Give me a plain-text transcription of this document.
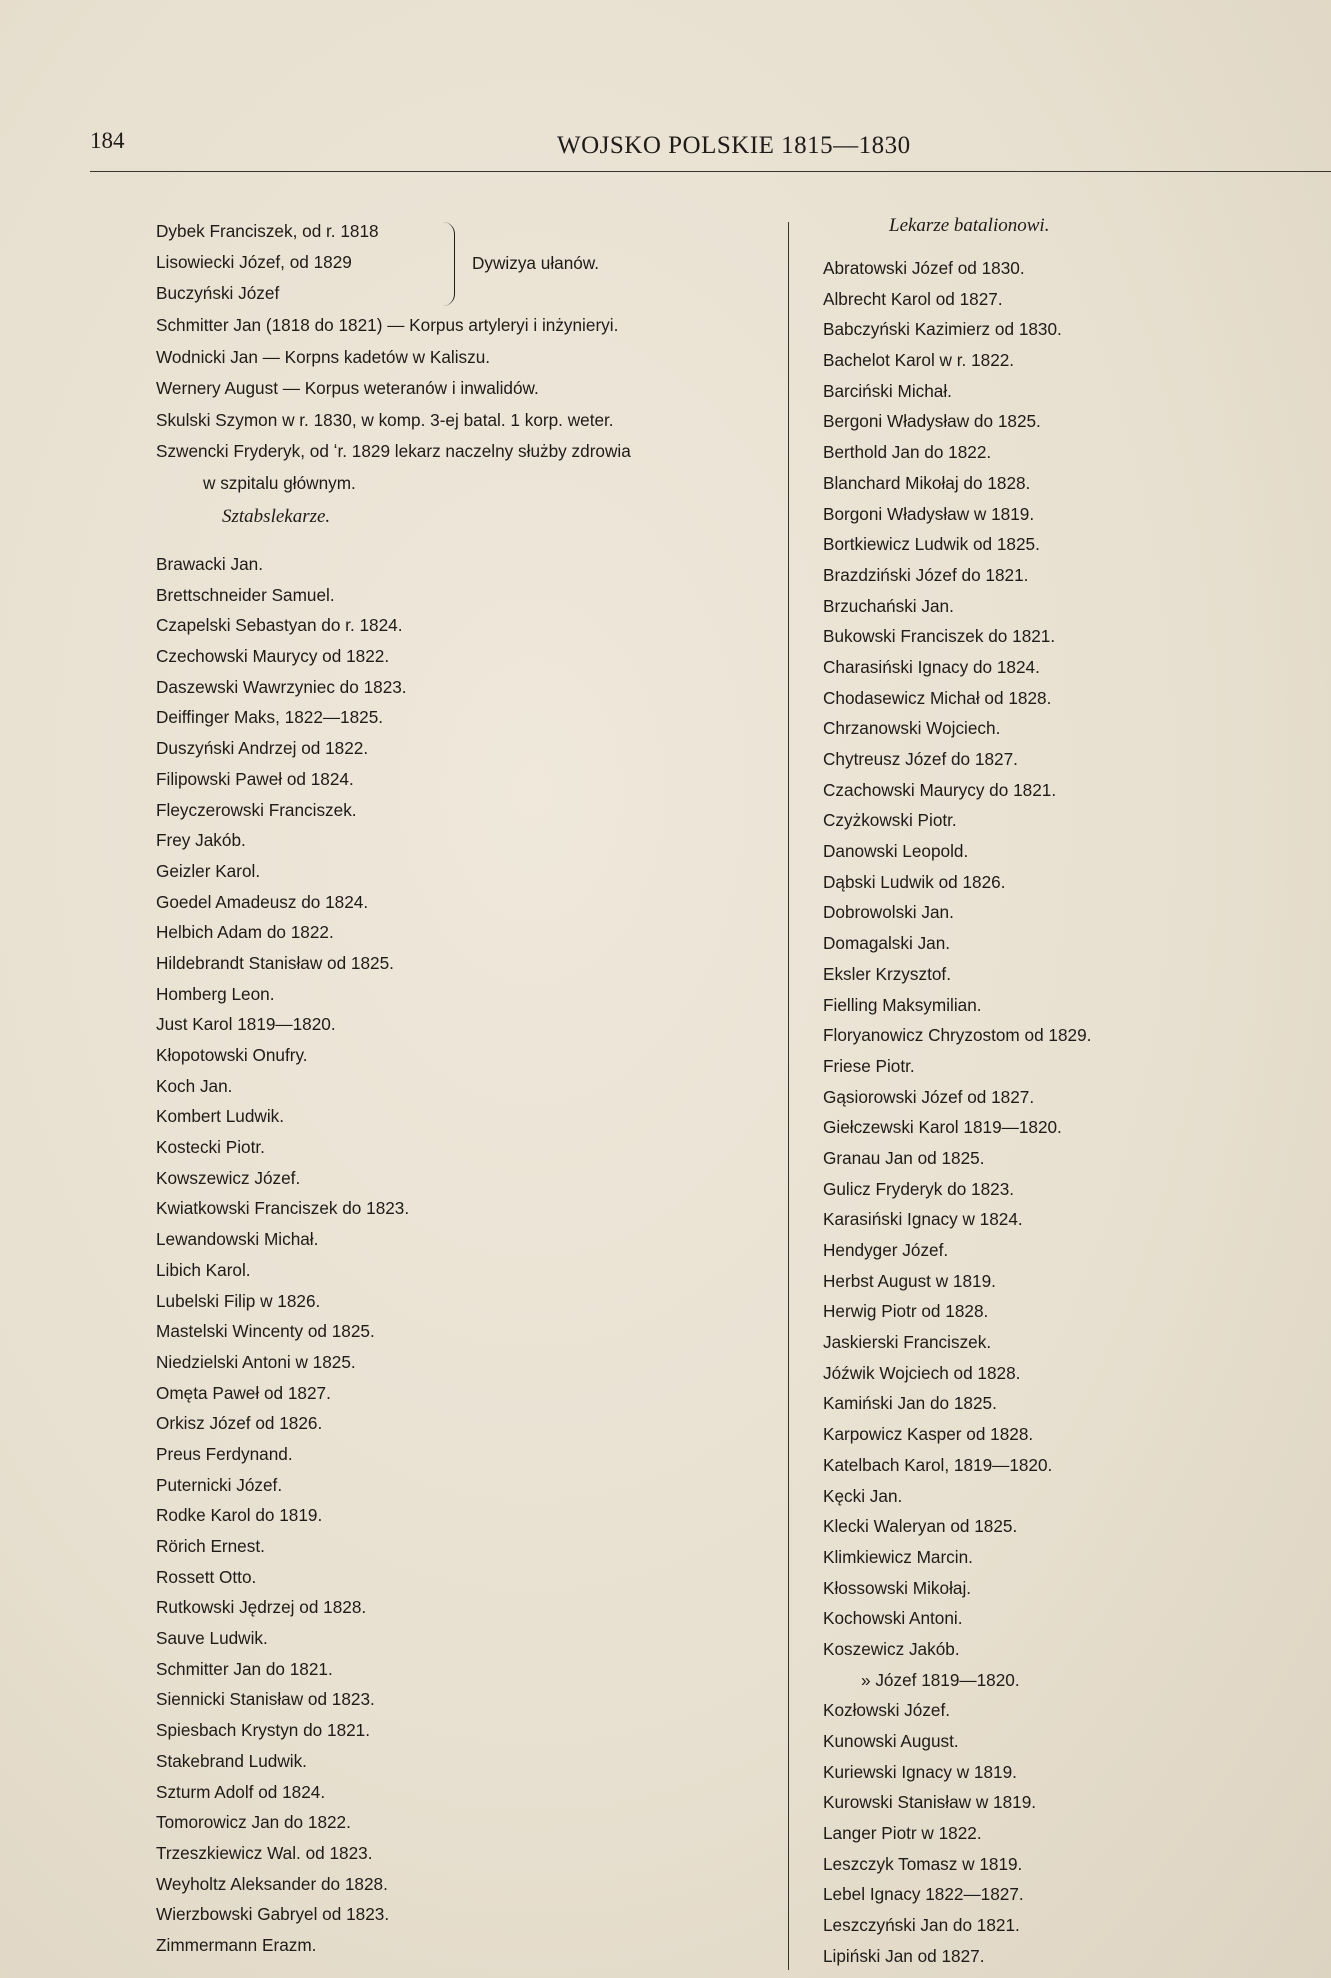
184	WOJSKO POLSKIE 1815—1830
Dybek Franciszek, od r. 1818
Lisowiecki Józef, od 1829
Buczyński Józef
Dywizya ułanów.
Schmitter Jan (1818 do 1821) — Korpus artyleryi i inżynieryi.
Wodnicki Jan — Korpns kadetów w Kaliszu.
Wernery August — Korpus weteranów i inwalidów.
Skulski Szymon w r. 1830, w komp. 3-ej batal. 1 korp. weter.
Szwencki Fryderyk, od ʻr. 1829 lekarz naczelny służby zdrowia
w szpitalu głównym.
Sztabslekarze.
Brawacki Jan.
Brettschneider Samuel.
Czapelski Sebastyan do r. 1824.
Czechowski Maurycy od 1822.
Daszewski Wawrzyniec do 1823.
Deiffinger Maks, 1822—1825.
Duszyński Andrzej od 1822.
Filipowski Paweł od 1824.
Fleyczerowski Franciszek.
Frey Jakób.
Geizler Karol.
Goedel Amadeusz do 1824.
Helbich Adam do 1822.
Hildebrandt Stanisław od 1825.
Homberg Leon.
Just Karol 1819—1820.
Kłopotowski Onufry.
Koch Jan.
Kombert Ludwik.
Kostecki Piotr.
Kowszewicz Józef.
Kwiatkowski Franciszek do 1823.
Lewandowski Michał.
Libich Karol.
Lubelski Filip w 1826.
Mastelski Wincenty od 1825.
Niedzielski Antoni w 1825.
Omęta Paweł od 1827.
Orkisz Józef od 1826.
Preus Ferdynand.
Puternicki Józef.
Rodke Karol do 1819.
Rörich Ernest.
Rossett Otto.
Rutkowski Jędrzej od 1828.
Sauve Ludwik.
Schmitter Jan do 1821.
Siennicki Stanisław od 1823.
Spiesbach Krystyn do 1821.
Stakebrand Ludwik.
Szturm Adolf od 1824.
Tomorowicz Jan do 1822.
Trzeszkiewicz Wal. od 1823.
Weyholtz Aleksander do 1828.
Wierzbowski Gabryel od 1823.
Zimmermann Erazm.
Lekarze batalionowi.
Abratowski Józef od 1830.
Albrecht Karol od 1827.
Babczyński Kazimierz od 1830.
Bachelot Karol w r. 1822.
Barciński Michał.
Bergoni Władysław do 1825.
Berthold Jan do 1822.
Blanchard Mikołaj do 1828.
Borgoni Władysław w 1819.
Bortkiewicz Ludwik od 1825.
Brazdziński Józef do 1821.
Brzuchański Jan.
Bukowski Franciszek do 1821.
Charasiński Ignacy do 1824.
Chodasewicz Michał od 1828.
Chrzanowski Wojciech.
Chytreusz Józef do 1827.
Czachowski Maurycy do 1821.
Czyżkowski Piotr.
Danowski Leopold.
Dąbski Ludwik od 1826.
Dobrowolski Jan.
Domagalski Jan.
Eksler Krzysztof.
Fielling Maksymilian.
Floryanowicz Chryzostom od 1829.
Friese Piotr.
Gąsiorowski Józef od 1827.
Giełczewski Karol 1819—1820.
Granau Jan od 1825.
Gulicz Fryderyk do 1823.
Karasiński Ignacy w 1824.
Hendyger Józef.
Herbst August w 1819.
Herwig Piotr od 1828.
Jaskierski Franciszek.
Jóźwik Wojciech od 1828.
Kamiński Jan do 1825.
Karpowicz Kasper od 1828.
Katelbach Karol, 1819—1820.
Kęcki Jan.
Klecki Waleryan od 1825.
Klimkiewicz Marcin.
Kłossowski Mikołaj.
Kochowski Antoni.
Koszewicz Jakób.
» Józef 1819—1820.
Kozłowski Józef.
Kunowski August.
Kuriewski Ignacy w 1819.
Kurowski Stanisław w 1819.
Langer Piotr w 1822.
Leszczyk Tomasz w 1819.
Lebel Ignacy 1822—1827.
Leszczyński Jan do 1821.
Lipiński Jan od 1827.
